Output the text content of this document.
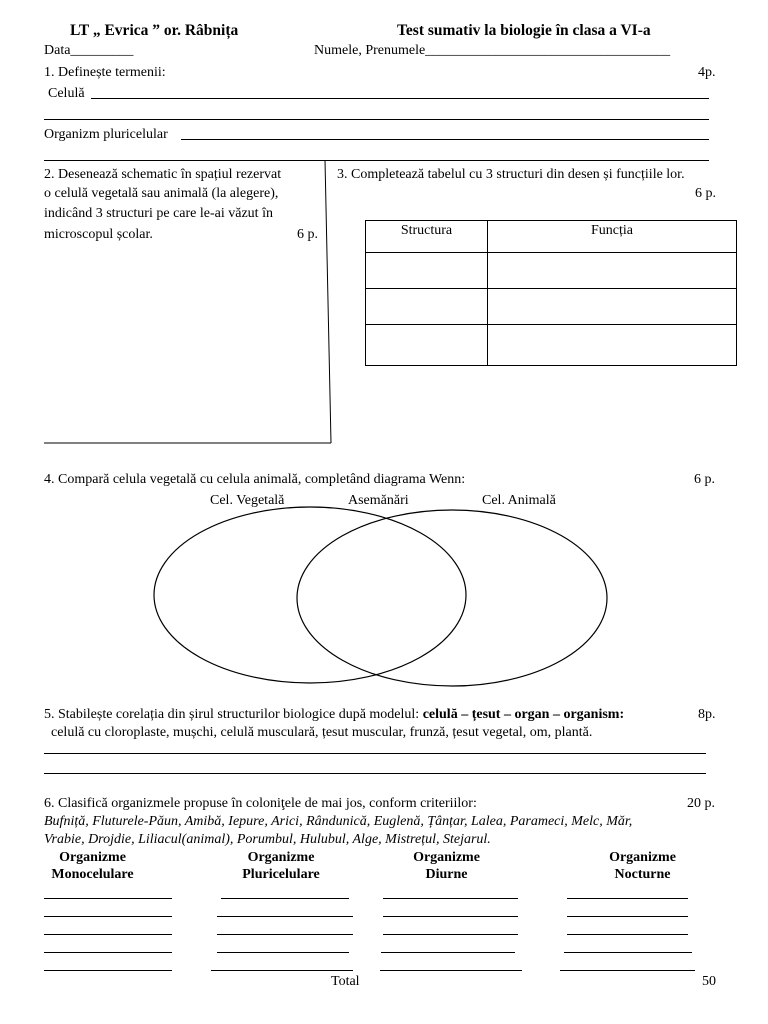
LT „ Evrica ” or. Râbnița	Test sumativ la biologie în clasa a VI-a
Data_________	Numele, Prenumele___________________________________
1. Definește termenii:	4p.
Celulă
Organizm pluricelular
2. Desenează schematic în spațiul rezervat
o celulă vegetală sau animală (la alegere),
indicând 3 structuri pe care le-ai văzut în
microscopul școlar.	6 p.
3. Completează tabelul cu 3 structuri din desen și funcțiile lor.
6 p.
Structura	Funcția

4. Compară celula vegetală cu celula animală, completând diagrama Wenn:	6 p.
Cel. Vegetală	Asemănări	Cel. Animală
5. Stabilește corelația din șirul structurilor biologice după modelul: celulă – țesut – organ – organism:	8p.
celulă cu cloroplaste, mușchi, celulă musculară, țesut muscular, frunză, țesut vegetal, om, plantă.
6. Clasifică organizmele propuse în coloniţele de mai jos, conform criteriilor:	20 p.
Bufniță, Fluturele-Păun, Amibă, Iepure, Arici, Rândunică, Euglenă, Țânțar, Lalea, Parameci, Melc, Măr,
Vrabie, Drojdie, Liliacul(animal), Porumbul, Hulubul, Alge, Mistrețul, Stejarul.
Organizme
Monocelulare
Organizme
Pluricelulare
Organizme
Diurne
Organizme
Nocturne
Total	50
